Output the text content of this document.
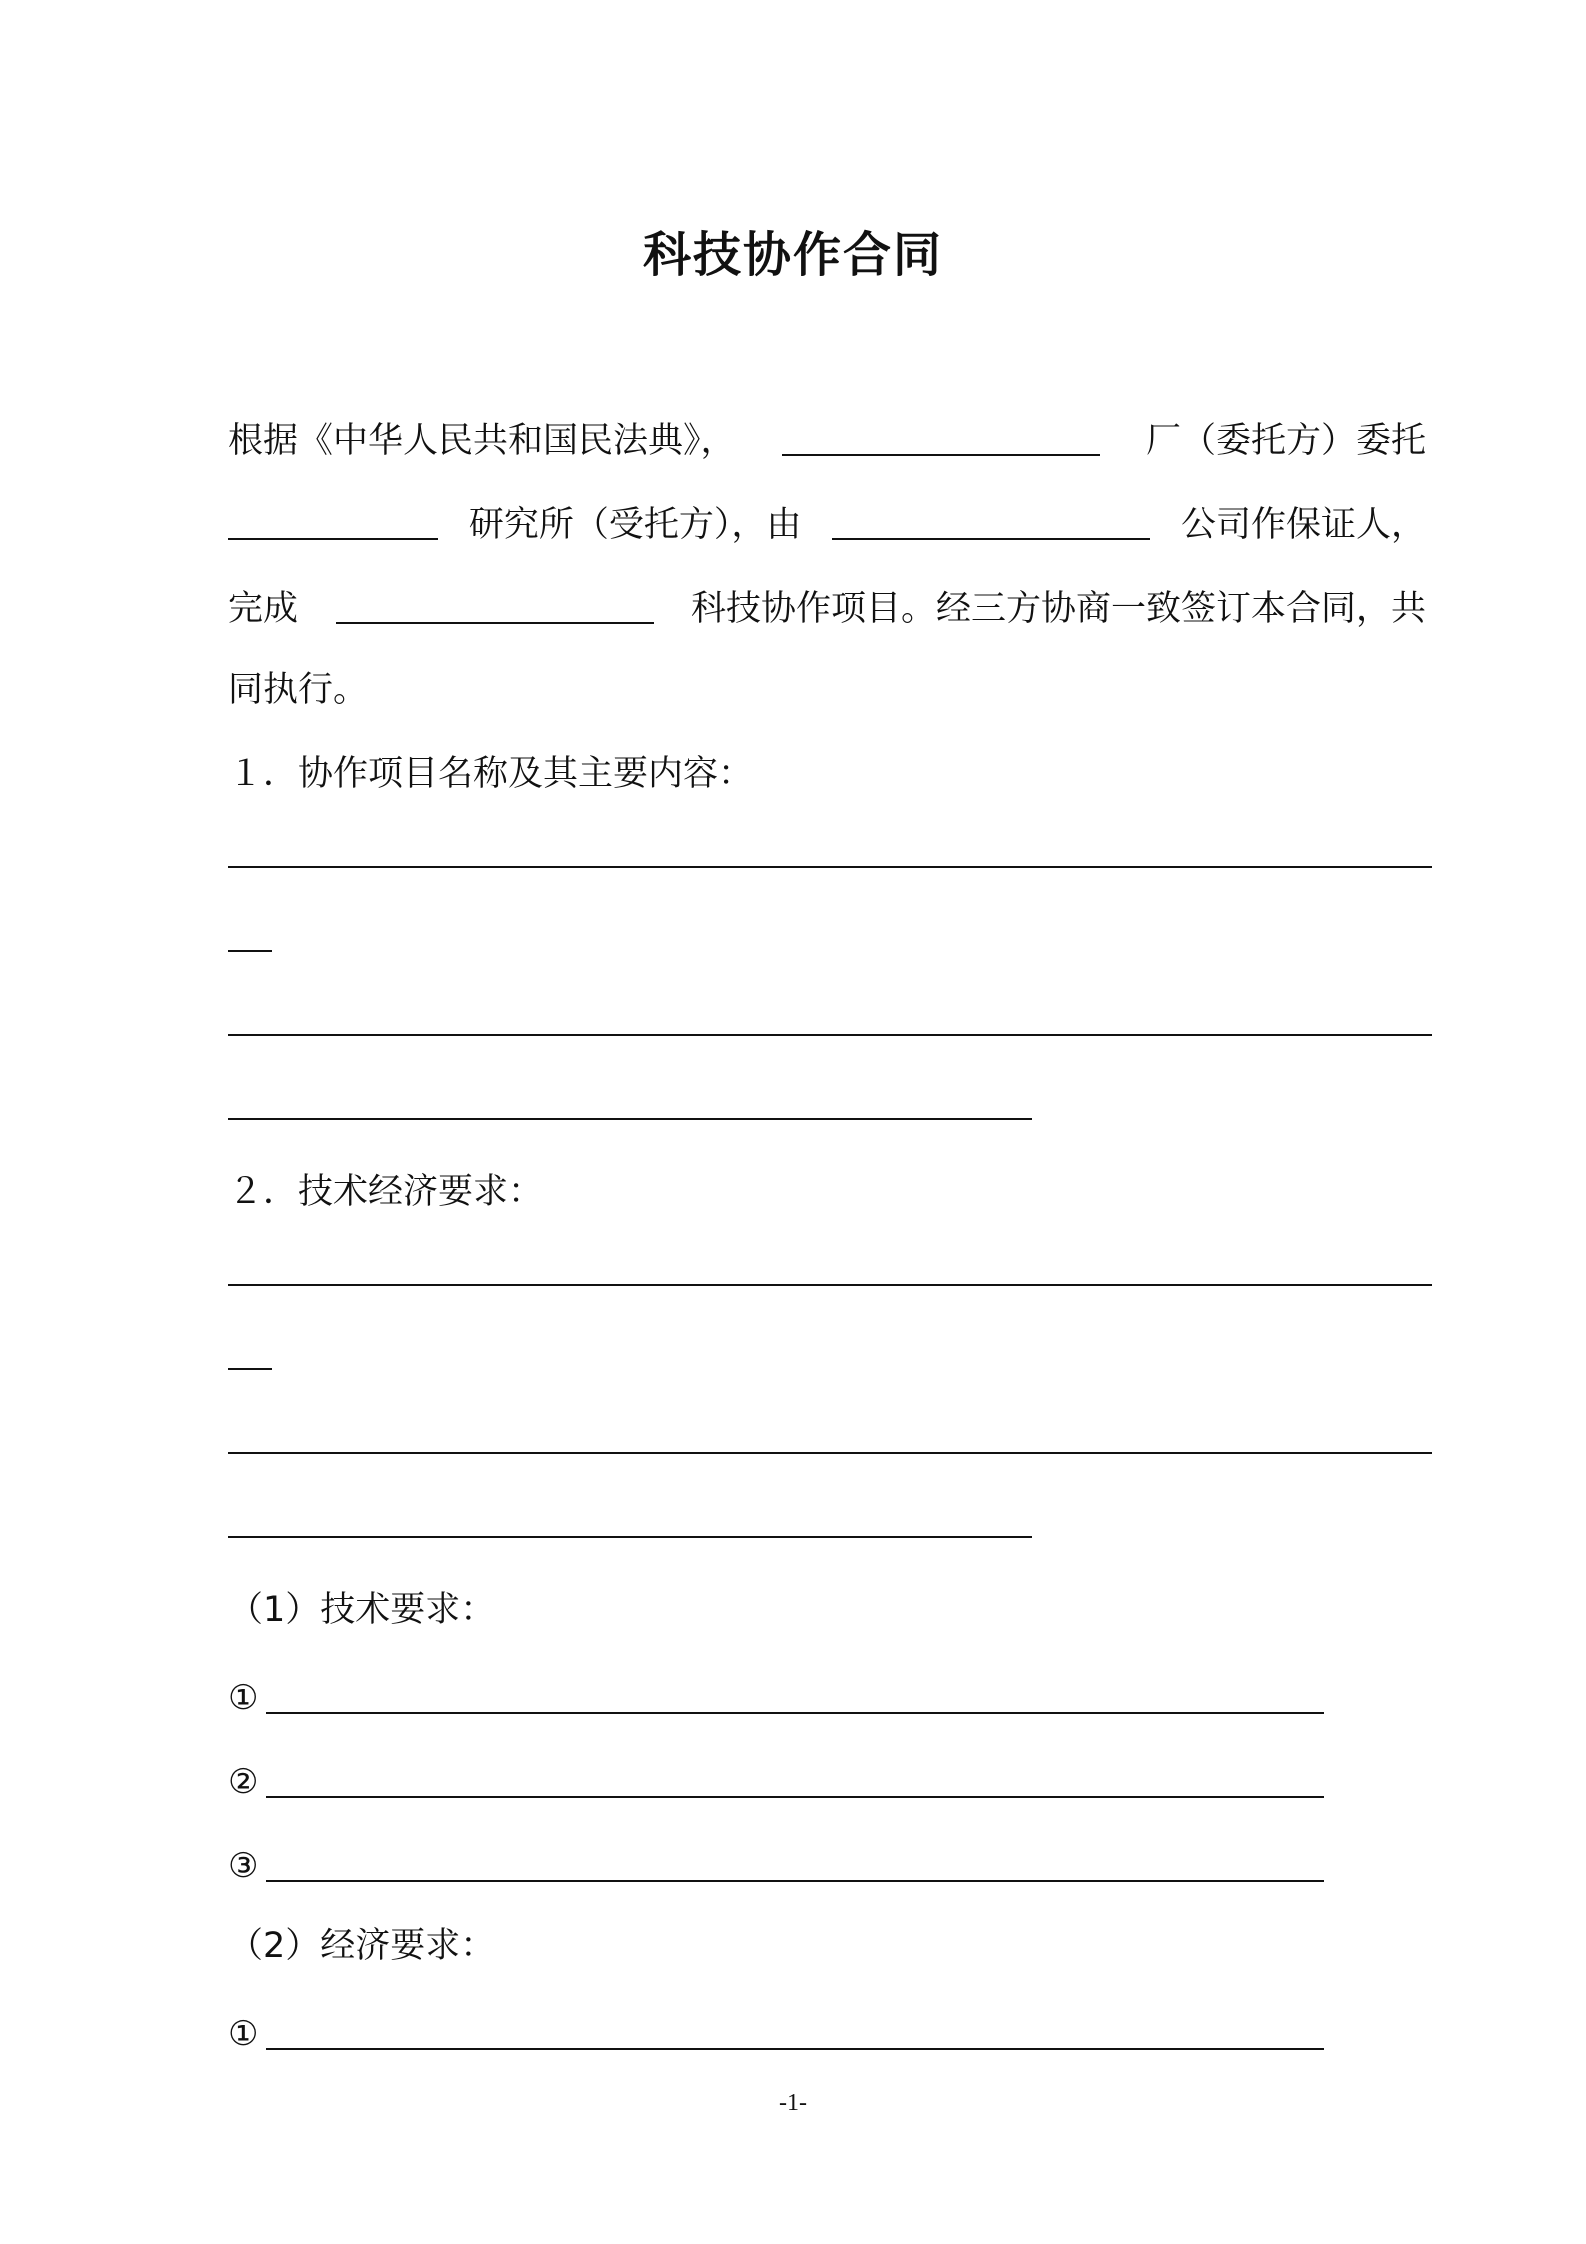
科技协作合同
根据《中华人民共和国民法典》，	厂（委托方）委托
研究所（受托方），由	公司作保证人，
完成	科技协作项目。经三方协商一致签订本合同，共
同执行。
１．协作项目名称及其主要内容：
２．技术经济要求：
（1）技术要求：
①
②
③
（2）经济要求：
①
-1-
